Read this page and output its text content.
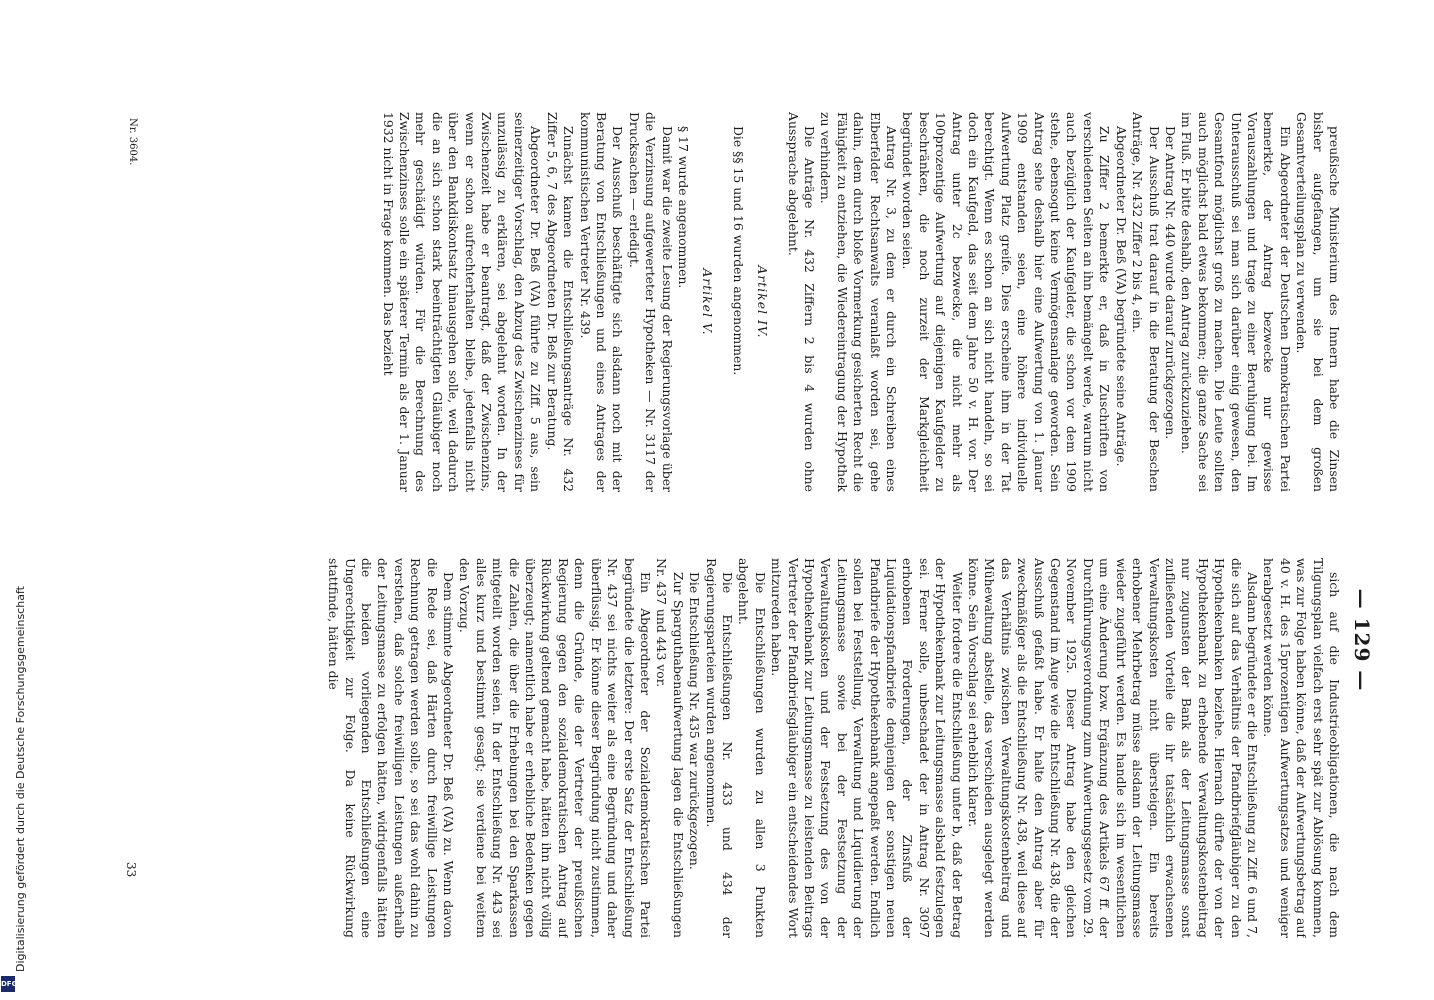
— 129 —

preußische Ministerium des Innern habe die Zinsen bisher aufgefangen, um sie bei dem großen Gesamtverteilungsplan zu verwenden.

Ein Abgeordneter der Deutschen Demokratischen Partei bemerkte, der Antrag bezwecke nur gewisse Vorauszahlungen und trage zu einer Beruhigung bei. Im Unterausschuß sei man sich darüber einig gewesen, den Gesamtfond möglichst groß zu machen. Die Leute sollten auch möglichst bald etwas bekommen; die ganze Sache sei im Fluß. Er bitte deshalb, den Antrag zurückzuziehen.

Der Antrag Nr. 440 wurde darauf zurückgezogen.

Der Ausschuß trat darauf in die Beratung der Beschen Anträge, Nr. 432 Ziffer 2 bis 4, ein.

Abgeordneter Dr. Beß (VA) begründete seine Anträge.

Zu Ziffer 2 bemerkte er, daß in Zuschriften von verschiedenen Seiten an ihn bemängelt werde, warum nicht auch bezüglich der Kaufgelder, die schon vor dem 1909 stehe, ebensogut keine Vermögensanlage geworden. Sein Antrag sehe deshalb hier eine Aufwertung von 1. Januar 1909 entstanden seien, eine höhere individuelle Aufwertung Platz greife. Dies erscheine ihm in der Tat berechtigt. Wenn es schon an sich nicht handeln, so sei doch ein Kaufgeld, das seit dem Jahre 50 v. H. vor. Der Antrag unter 2c bezwecke, die nicht mehr als 100prozentige Aufwertung auf diejenigen Kaufgelder zu beschränken, die noch zurzeit der Markgleichheit begründet worden seien.

Antrag Nr. 3, zu dem er durch ein Schreiben eines Elberfelder Rechtsanwalts veranlaßt worden sei, gehe dahin, dem durch bloße Vormerkung gesicherten Recht die Fähigkeit zu entziehen, die Wiedereintragung der Hypothek zu verhindern.

Die Anträge Nr. 432 Ziffern 2 bis 4 wurden ohne Aussprache abgelehnt.

Artikel IV.

Die §§ 15 und 16 wurden angenommen.

Artikel V.

§ 17 wurde angenommen.

Damit war die zweite Lesung der Regierungsvorlage über die Verzinsung aufgewerteter Hypotheken — Nr. 3117 der Drucksachen — erledigt.

Der Ausschuß beschäftigte sich alsdann noch mit der Beratung von Entschließungen und eines Antrages der kommunistischen Vertreter Nr. 439.

Zunächst kamen die Entschließungsanträge Nr. 432 Ziffer 5, 6, 7 des Abgeordneten Dr. Beß zur Beratung.

Abgeordneter Dr. Beß (VA) führte zu Ziff. 5 aus, sein seinerzeitiger Vorschlag, den Abzug des Zwischenzinses für unzulässig zu erklären, sei abgelehnt worden. In der Zwischenzeit habe er beantragt, daß der Zwischenzins, wenn er schon aufrechterhalten bleibe, jedenfalls nicht über den Bankdiskontsatz hinausgehen solle, weil dadurch die an sich schon stark beeinträchtigten Gläubiger noch mehr geschädigt würden. Für die Berechnung des Zwischenzinses solle ein späterer Termin als der 1. Januar 1932 nicht in Frage kommen. Das bezieht

sich auf die Industrieobligationen, die nach dem Tilgungsplan vielfach erst sehr spät zur Ablösung kommen, was zur Folge haben könne, daß der Aufwertungsbetrag auf 40 v. H. des 15prozentigen Aufwertungsatzes und weniger herabgesetzt werden könne.

Alsdann begründete er die Entschließung zu Ziff. 6 und 7, die sich auf das Verhältnis der Pfandbriefgläubiger zu den Hypothekenbanken beziehe. Hiernach dürfte der von der Hypothekenbank zu erhebende Verwaltungskostenbeitrag nur zugunsten der Bank als der Leitungsmasse sonst zufließenden Vorteile die ihr tatsächlich erwachsenen Verwaltungskosten nicht übersteigen. Ein bereits erhobener Mehrbetrag müsse alsdann der Leitungsmasse wieder zugeführt werden. Es handle sich im wesentlichen um eine Änderung bzw. Ergänzung des Artikels 67 ff. der Durchführungsverordnung zum Aufwertungsgesetz vom 29. November 1925. Dieser Antrag habe den gleichen Gegenstand im Auge wie die Entschließung Nr. 438, die der Ausschuß gefaßt habe. Er halte den Antrag aber für zweckmäßiger als die Entschließung Nr. 438, weil diese auf das Verhältnis zwischen Verwaltungskostenbeitrag und Mühewaltung abstelle, das verschieden ausgelegt werden könne. Sein Vorschlag sei erheblich klarer.

Weiter fordere die Entschließung unter b, daß der Betrag der Hypothekenbank zur Leitungsmasse alsbald festzulegen sei. Ferner solle, unbeschadet der in Antrag Nr. 3097 erhobenen Forderungen, der Zinsfuß der Liquidationspfandbriefe demjenigen der sonstigen neuen Pfandbriefe der Hypothekenbank angepaßt werden. Endlich sollen bei Feststellung, Verwaltung und Liquidierung der Leitungsmasse sowie bei der Festsetzung der Verwaltungskosten und der Festsetzung des von der Hypothekenbank zur Leitungsmasse zu leistenden Beitrags Vertreter der Pfandbriefsgläubiger ein entscheidendes Wort mitzureden haben.

Die Entschließungen wurden zu allen 3 Punkten abgelehnt.

Die Entschließungen Nr. 433 und 434 der Regierungsparteien wurden angenommen.

Die Entschließung Nr. 435 war zurückgezogen.

Zur Sparguthabenaufwertung lagen die Entschließungen Nr. 437 und 443 vor.

Ein Abgeordneter der Sozialdemokratischen Partei begründete die letztere: Der erste Satz der Entschließung Nr. 437 sei nichts weiter als eine Begründung und daher überflüssig. Er könne dieser Begründung nicht zustimmen, denn die Gründe, die der Vertreter der preußischen Regierung gegen den sozialdemokratischen Antrag auf Rückwirkung geltend gemacht habe, hätten ihn nicht völlig überzeugt; namentlich habe er erhebliche Bedenken gegen die Zahlen, die über die Erhebungen bei den Sparkassen mitgeteilt worden seien. In der Entschließung Nr. 443 sei alles kurz und bestimmt gesagt; sie verdiene bei weitem den Vorzug.

Dem stimmte Abgeordneter Dr. Beß (VA) zu. Wenn davon die Rede sei, daß Härten durch freiwillige Leistungen Rechnung getragen werden solle, so sei das wohl dahin zu verstehen, daß solche freiwilligen Leistungen außerhalb der Leitungsmasse zu erfolgen hätten, widrigenfalls hätten die beiden vorliegenden Entschließungen eine Ungerechtigkeit zur Folge. Da keine Rückwirkung stattfinde, hätten die

Nr. 3604.
33
DFG
Digitalisierung gefördert durch die Deutsche Forschungsgemeinschaft
